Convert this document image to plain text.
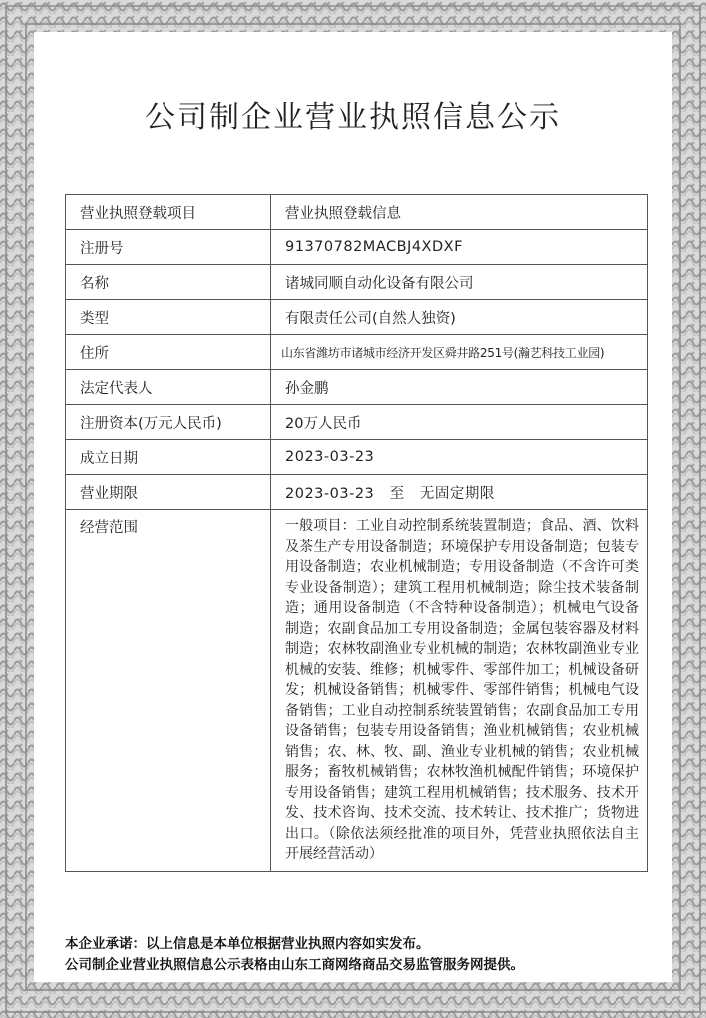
公司制企业营业执照信息公示
营业执照登载项目	营业执照登载信息
注册号	91370782MACBJ4XDXF
名称	诸城同顺自动化设备有限公司
类型	有限责任公司(自然人独资)
住所	山东省潍坊市诸城市经济开发区舜井路251号(瀚艺科技工业园)
法定代表人	孙金鹏
注册资本(万元人民币)	20万人民币
成立日期	2023-03-23
营业期限	2023-03-23   至   无固定期限
经营范围	一般项目：工业自动控制系统装置制造；食品、酒、饮料及茶生产专用设备制造；环境保护专用设备制造；包装专用设备制造；农业机械制造；专用设备制造（不含许可类专业设备制造）；建筑工程用机械制造；除尘技术装备制造；通用设备制造（不含特种设备制造）；机械电气设备制造；农副食品加工专用设备制造；金属包装容器及材料制造；农林牧副渔业专业机械的制造；农林牧副渔业专业机械的安装、维修；机械零件、零部件加工；机械设备研发；机械设备销售；机械零件、零部件销售；机械电气设备销售；工业自动控制系统装置销售；农副食品加工专用设备销售；包装专用设备销售；渔业机械销售；农业机械销售；农、林、牧、副、渔业专业机械的销售；农业机械服务；畜牧机械销售；农林牧渔机械配件销售；环境保护专用设备销售；建筑工程用机械销售；技术服务、技术开发、技术咨询、技术交流、技术转让、技术推广；货物进出口。（除依法须经批准的项目外，凭营业执照依法自主开展经营活动）
本企业承诺：以上信息是本单位根据营业执照内容如实发布。
公司制企业营业执照信息公示表格由山东工商网络商品交易监管服务网提供。
